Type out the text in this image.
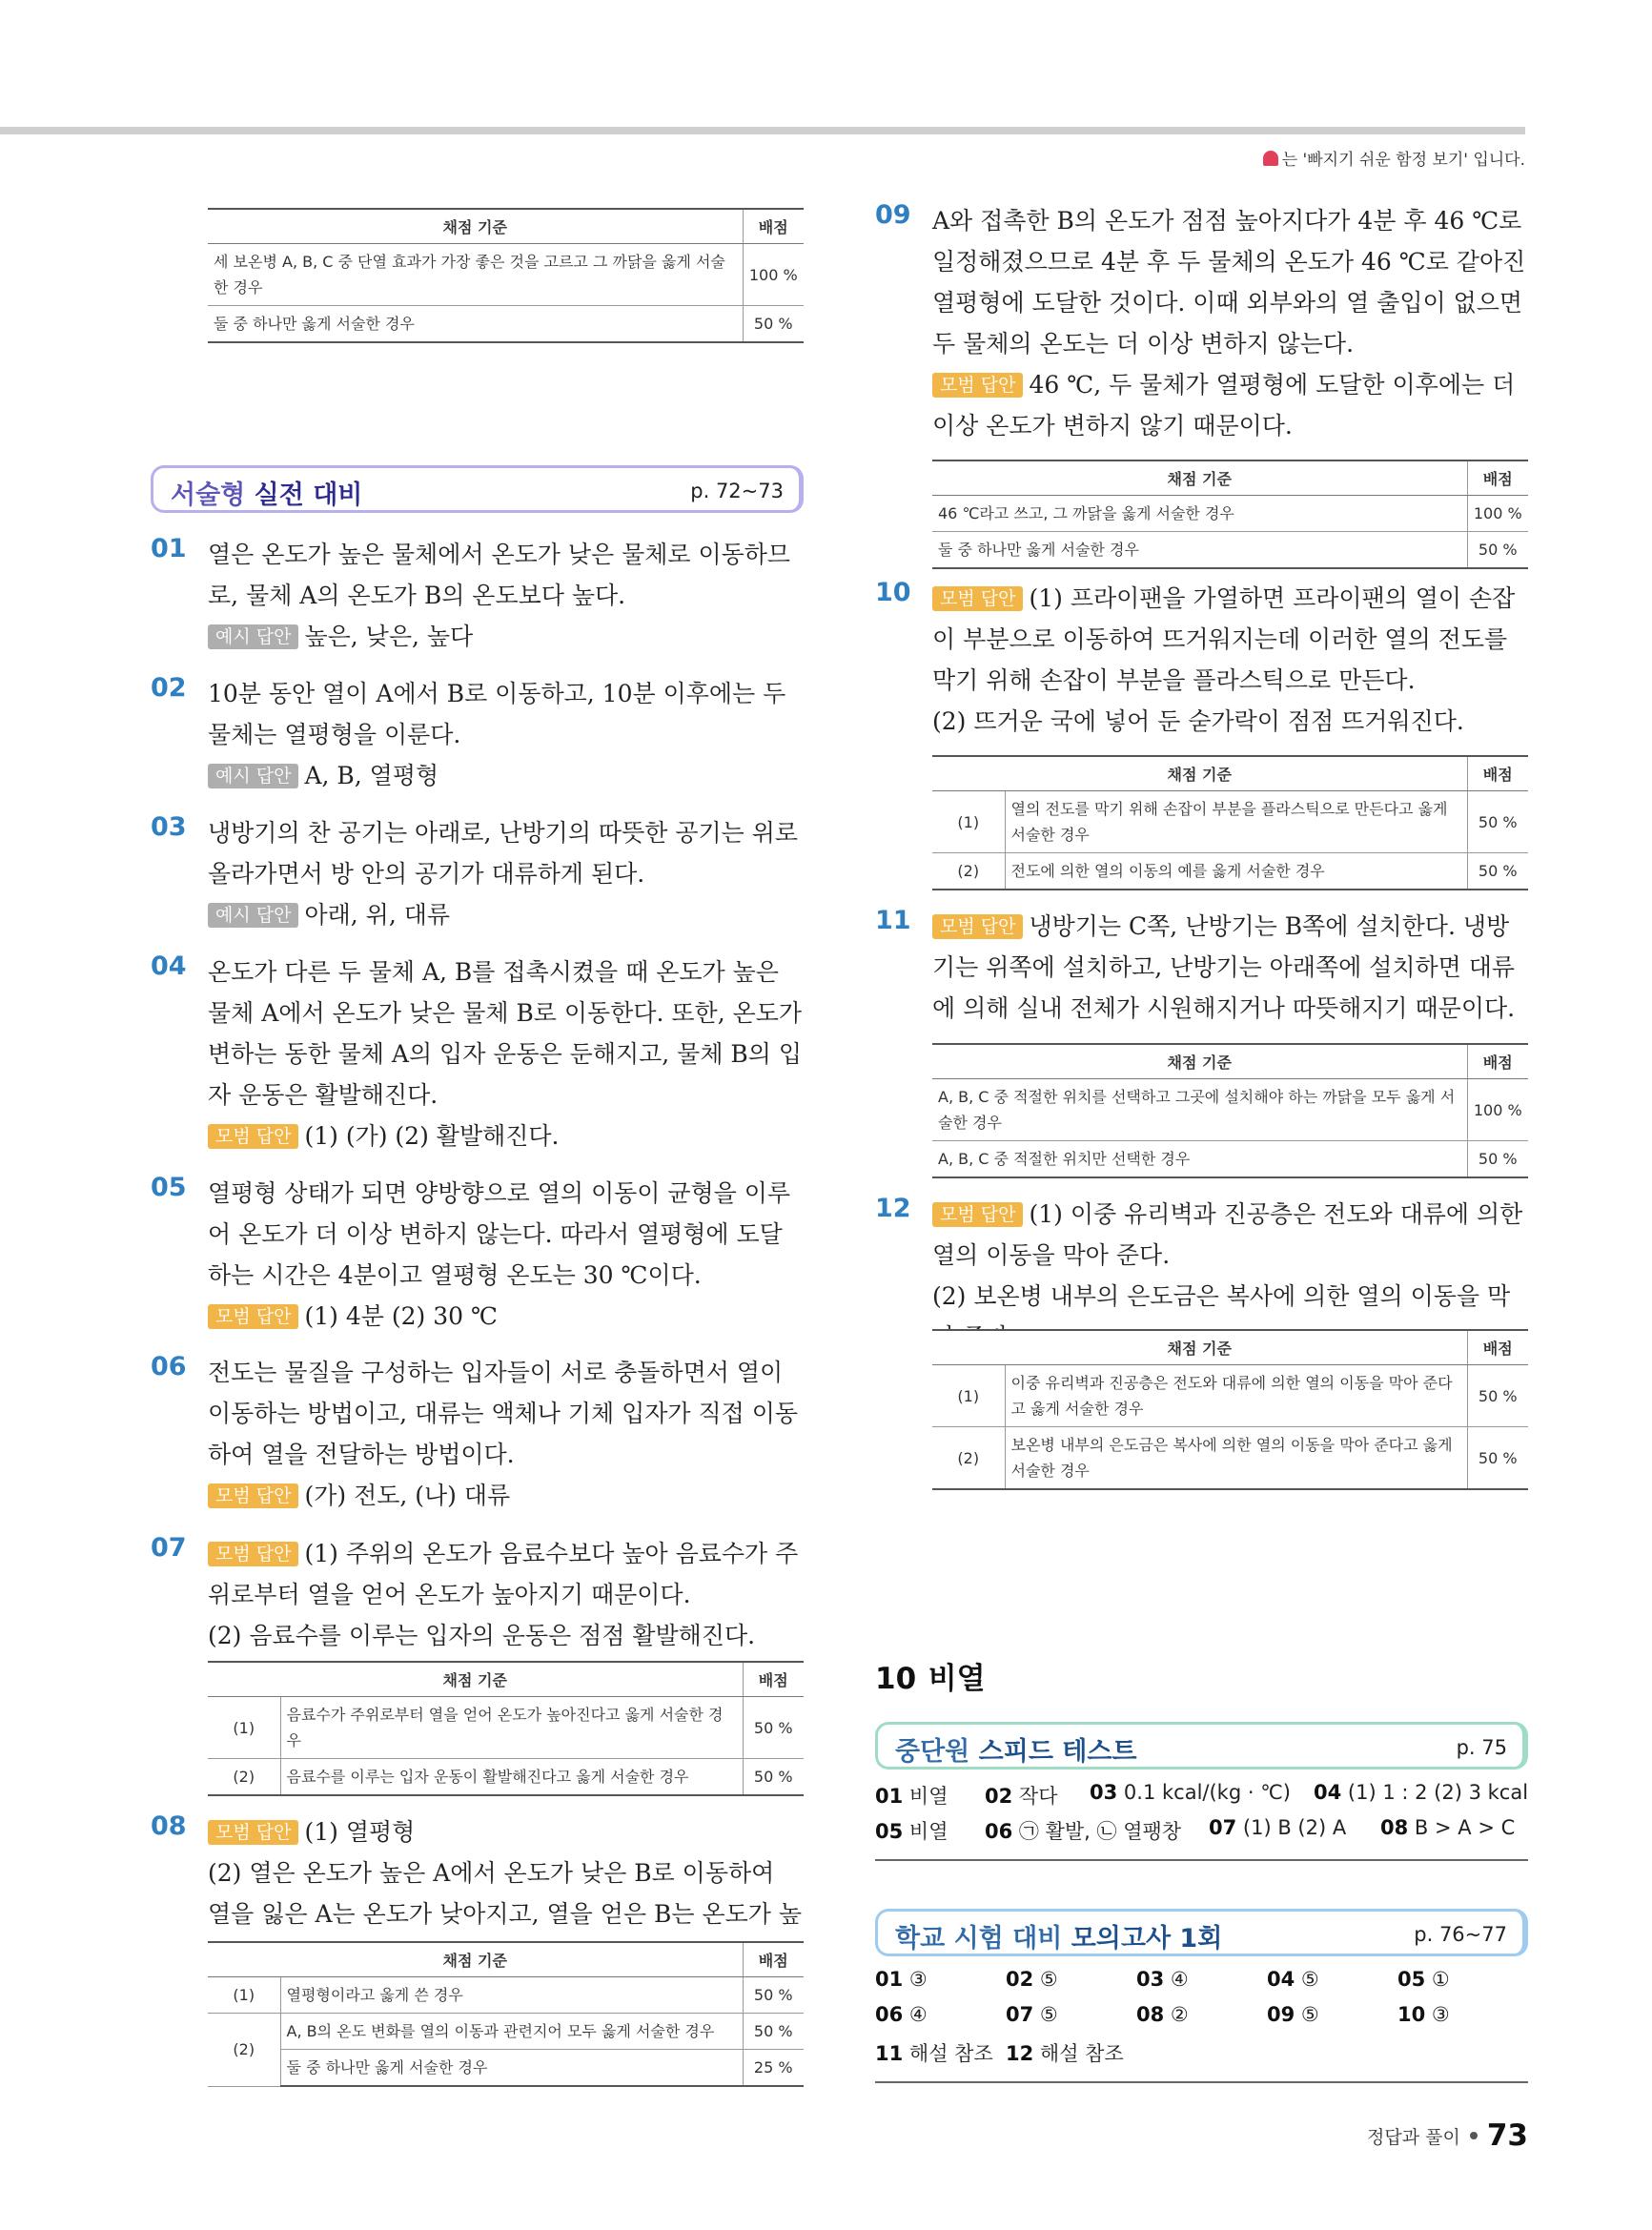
는 '빠지기 쉬운 함정 보기' 입니다.
채점 기준	배점
세 보온병 A, B, C 중 단열 효과가 가장 좋은 것을 고르고 그 까닭을 옳게 서술한 경우	100 %
둘 중 하나만 옳게 서술한 경우	50 %
서술형 실전 대비	p. 72~73
01 열은 온도가 높은 물체에서 온도가 낮은 물체로 이동하므로, 물체 A의 온도가 B의 온도보다 높다.
예시 답안 높은, 낮은, 높다
02 10분 동안 열이 A에서 B로 이동하고, 10분 이후에는 두 물체는 열평형을 이룬다.
예시 답안 A, B, 열평형
03 냉방기의 찬 공기는 아래로, 난방기의 따뜻한 공기는 위로 올라가면서 방 안의 공기가 대류하게 된다.
예시 답안 아래, 위, 대류
04 온도가 다른 두 물체 A, B를 접촉시켰을 때 온도가 높은 물체 A에서 온도가 낮은 물체 B로 이동한다. 또한, 온도가 변하는 동한 물체 A의 입자 운동은 둔해지고, 물체 B의 입자 운동은 활발해진다.
모범 답안 (1) (가) (2) 활발해진다.
05 열평형 상태가 되면 양방향으로 열의 이동이 균형을 이루어 온도가 더 이상 변하지 않는다. 따라서 열평형에 도달하는 시간은 4분이고 열평형 온도는 30 ℃이다.
모범 답안 (1) 4분 (2) 30 ℃
06 전도는 물질을 구성하는 입자들이 서로 충돌하면서 열이 이동하는 방법이고, 대류는 액체나 기체 입자가 직접 이동하여 열을 전달하는 방법이다.
모범 답안 (가) 전도, (나) 대류
07	모범 답안 (1) 주위의 온도가 음료수보다 높아 음료수가 주위로부터 열을 얻어 온도가 높아지기 때문이다.
(2) 음료수를 이루는 입자의 운동은 점점 활발해진다.
채점 기준		배점
(1)	음료수가 주위로부터 열을 얻어 온도가 높아진다고 옳게 서술한 경우	50 %
(2)	음료수를 이루는 입자 운동이 활발해진다고 옳게 서술한 경우	50 %
08	모범 답안 (1) 열평형
(2) 열은 온도가 높은 A에서 온도가 낮은 B로 이동하여 열을 잃은 A는 온도가 낮아지고, 열을 얻은 B는 온도가 높
채점 기준		배점
(1)	열평형이라고 옳게 쓴 경우	50 %
(2)	A, B의 온도 변화를 열의 이동과 관련지어 모두 옳게 서술한 경우	50 %
	둘 중 하나만 옳게 서술한 경우	25 %
09 A와 접촉한 B의 온도가 점점 높아지다가 4분 후 46 ℃로 일정해졌으므로 4분 후 두 물체의 온도가 46 ℃로 같아진 열평형에 도달한 것이다. 이때 외부와의 열 출입이 없으면 두 물체의 온도는 더 이상 변하지 않는다.
모범 답안 46 ℃, 두 물체가 열평형에 도달한 이후에는 더 이상 온도가 변하지 않기 때문이다.
채점 기준	배점
46 ℃라고 쓰고, 그 까닭을 옳게 서술한 경우	100 %
둘 중 하나만 옳게 서술한 경우	50 %
10	모범 답안 (1) 프라이팬을 가열하면 프라이팬의 열이 손잡이 부분으로 이동하여 뜨거워지는데 이러한 열의 전도를 막기 위해 손잡이 부분을 플라스틱으로 만든다.
(2) 뜨거운 국에 넣어 둔 숟가락이 점점 뜨거워진다.
채점 기준		배점
(1)	열의 전도를 막기 위해 손잡이 부분을 플라스틱으로 만든다고 옳게 서술한 경우	50 %
(2)	전도에 의한 열의 이동의 예를 옳게 서술한 경우	50 %
11	모범 답안 냉방기는 C쪽, 난방기는 B쪽에 설치한다. 냉방기는 위쪽에 설치하고, 난방기는 아래쪽에 설치하면 대류에 의해 실내 전체가 시원해지거나 따뜻해지기 때문이다.
채점 기준	배점
A, B, C 중 적절한 위치를 선택하고 그곳에 설치해야 하는 까닭을 모두 옳게 서술한 경우	100 %
A, B, C 중 적절한 위치만 선택한 경우	50 %
12	모범 답안 (1) 이중 유리벽과 진공층은 전도와 대류에 의한 열의 이동을 막아 준다.
(2) 보온병 내부의 은도금은 복사에 의한 열의 이동을 막
채점 기준		배점
(1)	이중 유리벽과 진공층은 전도와 대류에 의한 열의 이동을 막아 준다고 옳게 서술한 경우	50 %
(2)	보온병 내부의 은도금은 복사에 의한 열의 이동을 막아 준다고 옳게 서술한 경우	50 %
10 비열
중단원 스피드 테스트	p. 75
01 비열 02 작다 03 0.1 kcal/(kg · ℃) 04 (1) 1 : 2 (2) 3 kcal
05 비열 06 ㉠ 활발, ㉡ 열팽창 07 (1) B (2) A 08 B > A > C
학교 시험 대비 모의고사 1회	p. 76~77
01 ③	02 ⑤	03 ④	04 ⑤	05 ①
06 ④	07 ⑤	08 ②	09 ⑤	10 ③
11 해설 참조 12 해설 참조
정답과 풀이 73
